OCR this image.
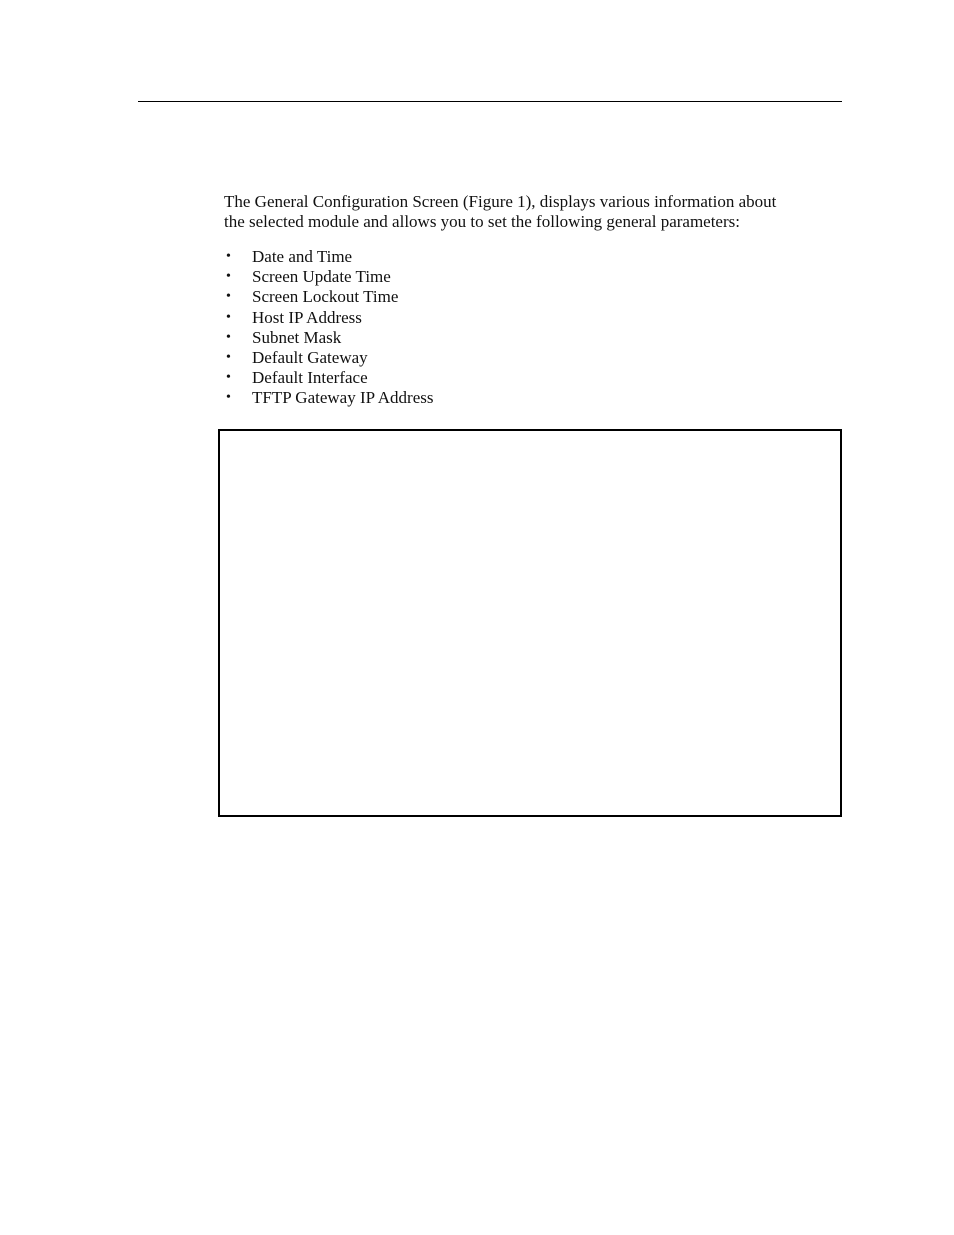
The General Configuration Screen (Figure 1), displays various information about
the selected module and allows you to set the following general parameters:

• Date and Time
• Screen Update Time
• Screen Lockout Time
• Host IP Address
• Subnet Mask
• Default Gateway
• Default Interface
• TFTP Gateway IP Address
